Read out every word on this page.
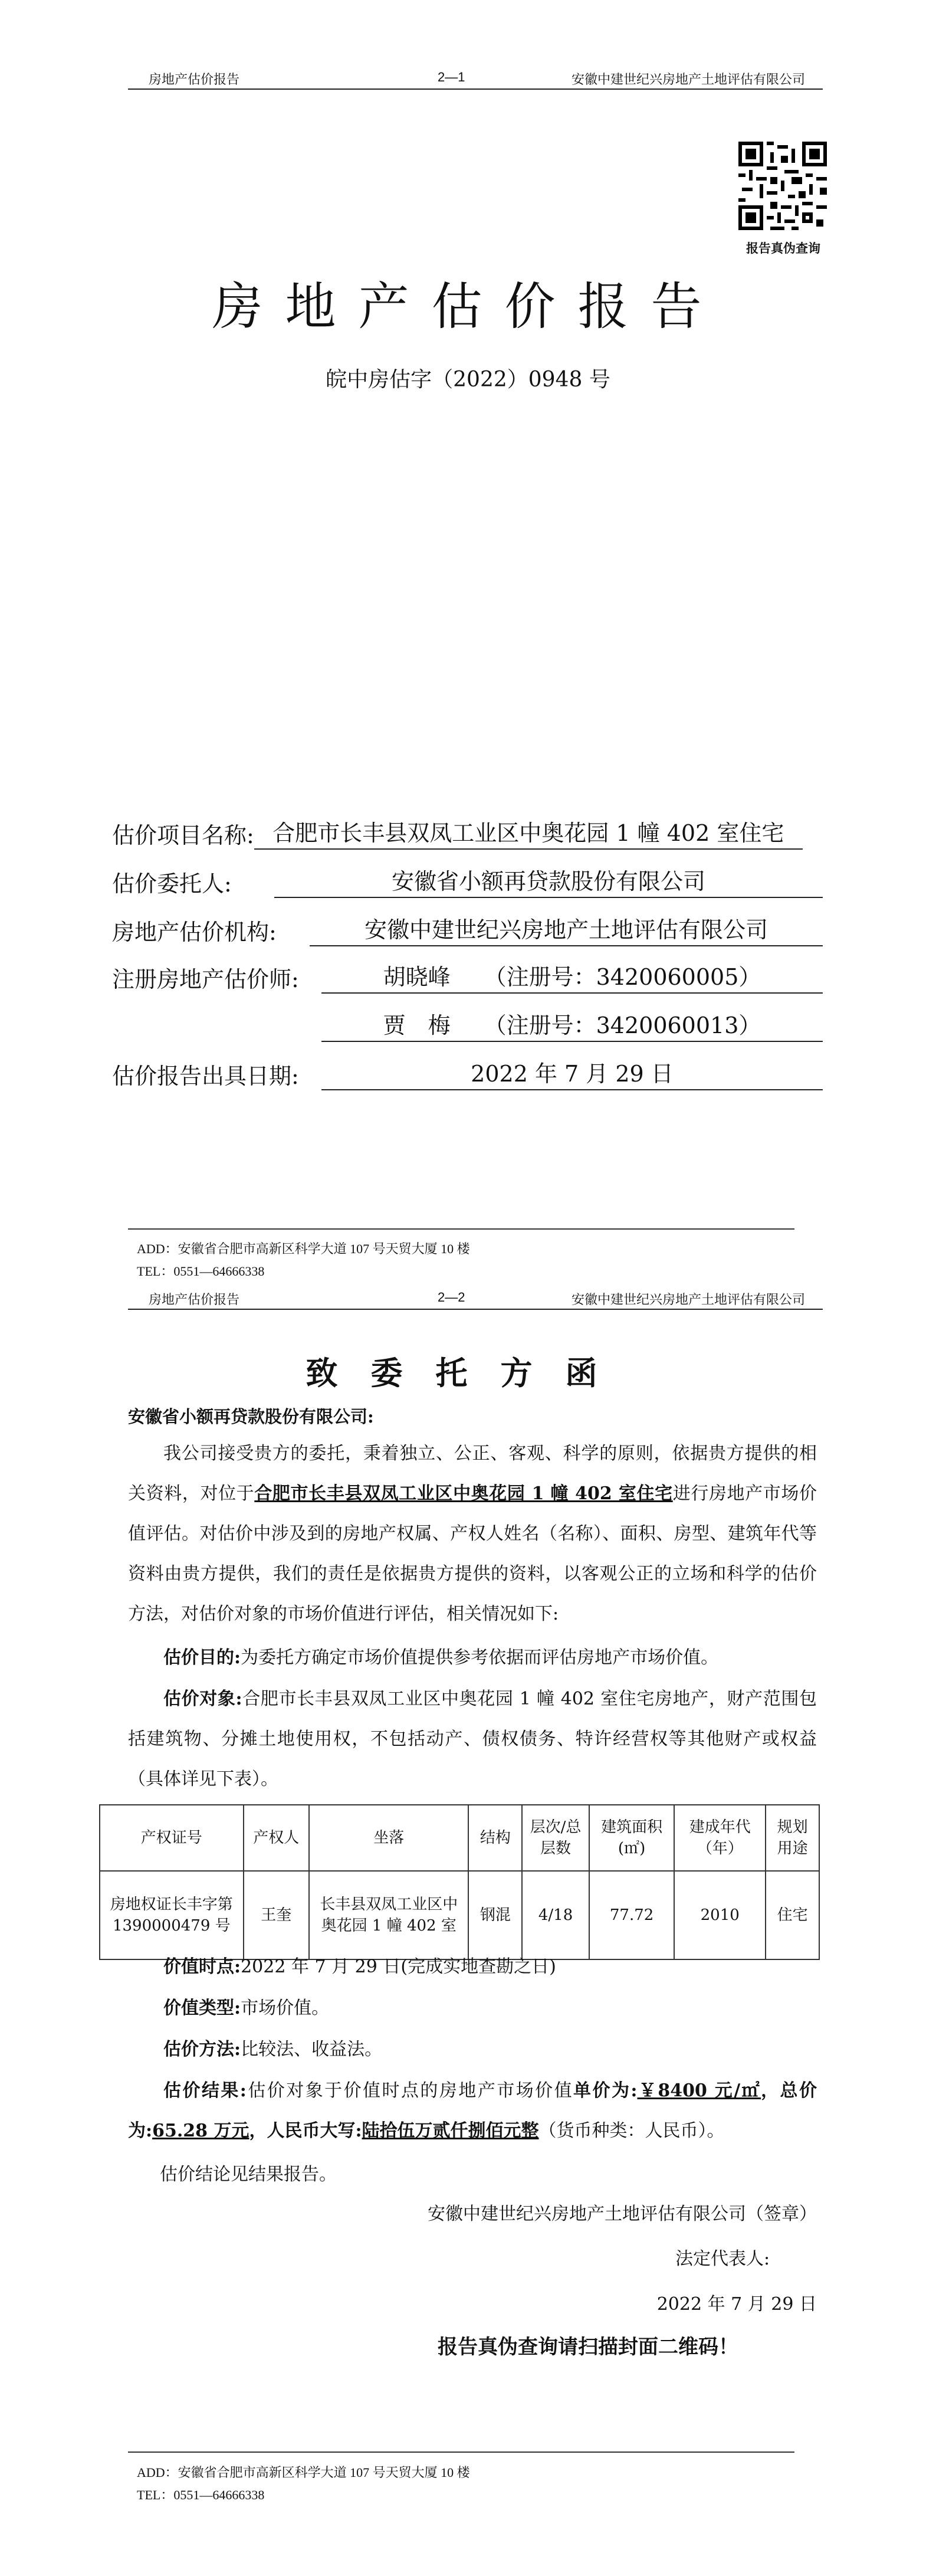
房地产估价报告	2—1	安徽中建世纪兴房地产土地评估有限公司
报告真伪查询
房地产估价报告
皖中房估字（2022）0948 号
估价项目名称: 合肥市长丰县双凤工业区中奥花园 1 幢 402 室住宅
估价委托人:	安徽省小额再贷款股份有限公司
房地产估价机构:	安徽中建世纪兴房地产土地评估有限公司
注册房地产估价师:	胡晓峰　　（注册号：3420060005）
贾　梅　　（注册号：3420060013）
估价报告出具日期:	2022 年 7 月 29 日
ADD：安徽省合肥市高新区科学大道 107 号天贸大厦 10 楼
TEL：0551—64666338
房地产估价报告	2—2	安徽中建世纪兴房地产土地评估有限公司
致委托方函
安徽省小额再贷款股份有限公司:
我公司接受贵方的委托，秉着独立、公正、客观、科学的原则，依据贵方提供的相关资料，对位于合肥市长丰县双凤工业区中奥花园 1 幢 402 室住宅进行房地产市场价值评估。对估价中涉及到的房地产权属、产权人姓名（名称）、面积、房型、建筑年代等资料由贵方提供，我们的责任是依据贵方提供的资料，以客观公正的立场和科学的估价方法，对估价对象的市场价值进行评估，相关情况如下:
估价目的:为委托方确定市场价值提供参考依据而评估房地产市场价值。
估价对象:合肥市长丰县双凤工业区中奥花园 1 幢 402 室住宅房地产，财产范围包括建筑物、分摊土地使用权，不包括动产、债权债务、特许经营权等其他财产或权益（具体详见下表）。
产权证号	产权人	坐落	结构	层次/总层数	建筑面积(㎡)	建成年代（年）	规划用途
房地权证长丰字第 1390000479 号	王奎	长丰县双凤工业区中奥花园 1 幢 402 室	钢混	4/18	77.72	2010	住宅
价值时点:2022 年 7 月 29 日(完成实地查勘之日)
价值类型:市场价值。
估价方法:比较法、收益法。
估价结果:估价对象于价值时点的房地产市场价值单价为:￥8400 元/㎡，总价为:65.28 万元，人民币大写:陆拾伍万贰仟捌佰元整（货币种类：人民币）。
估价结论见结果报告。
安徽中建世纪兴房地产土地评估有限公司（签章）
法定代表人:
2022 年 7 月 29 日
报告真伪查询请扫描封面二维码！
ADD：安徽省合肥市高新区科学大道 107 号天贸大厦 10 楼
TEL：0551—64666338
